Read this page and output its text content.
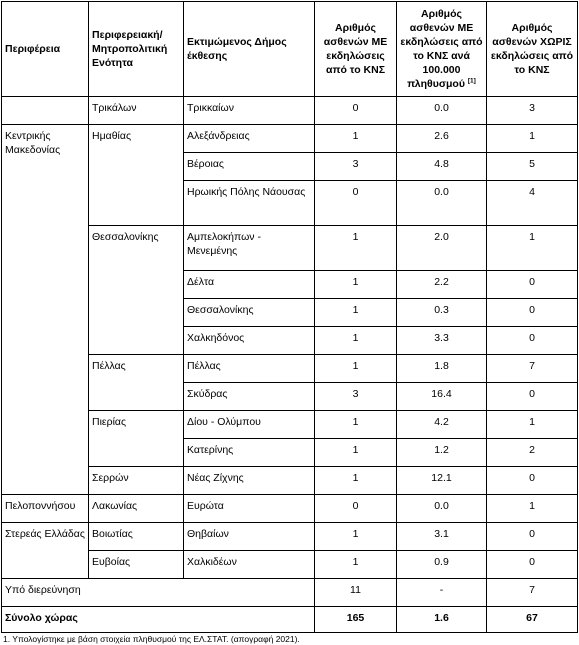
Περιφέρεια	Περιφερειακή/ Μητροπολιτική Ενότητα	Εκτιμώμενος Δήμος έκθεσης	Αριθμός ασθενών ΜΕ εκδηλώσεις από το ΚΝΣ	Αριθμός ασθενών ΜΕ εκδηλώσεις από το ΚΝΣ ανά 100.000 πληθυσμού [1]	Αριθμός ασθενών ΧΩΡΙΣ εκδηλώσεις από το ΚΝΣ
	Τρικάλων	Τρικκαίων	0	0.0	3
Κεντρικής Μακεδονίας	Ημαθίας	Αλεξάνδρειας	1	2.6	1
		Βέροιας	3	4.8	5
		Ηρωικής Πόλης Νάουσας	0	0.0	4
	Θεσσαλονίκης	Αμπελοκήπων - Μενεμένης	1	2.0	1
		Δέλτα	1	2.2	0
		Θεσσαλονίκης	1	0.3	0
		Χαλκηδόνος	1	3.3	0
	Πέλλας	Πέλλας	1	1.8	7
		Σκύδρας	3	16.4	0
	Πιερίας	Δίου - Ολύμπου	1	4.2	1
		Κατερίνης	1	1.2	2
	Σερρών	Νέας Ζίχνης	1	12.1	0
Πελοποννήσου	Λακωνίας	Ευρώτα	0	0.0	1
Στερεάς Ελλάδας	Βοιωτίας	Θηβαίων	1	3.1	0
	Ευβοίας	Χαλκιδέων	1	0.9	0
Υπό διερεύνηση			11	-	7
Σύνολο χώρας			165	1.6	67
1. Υπολογίστηκε με βάση στοιχεία πληθυσμού της ΕΛ.ΣΤΑΤ. (απογραφή 2021).
